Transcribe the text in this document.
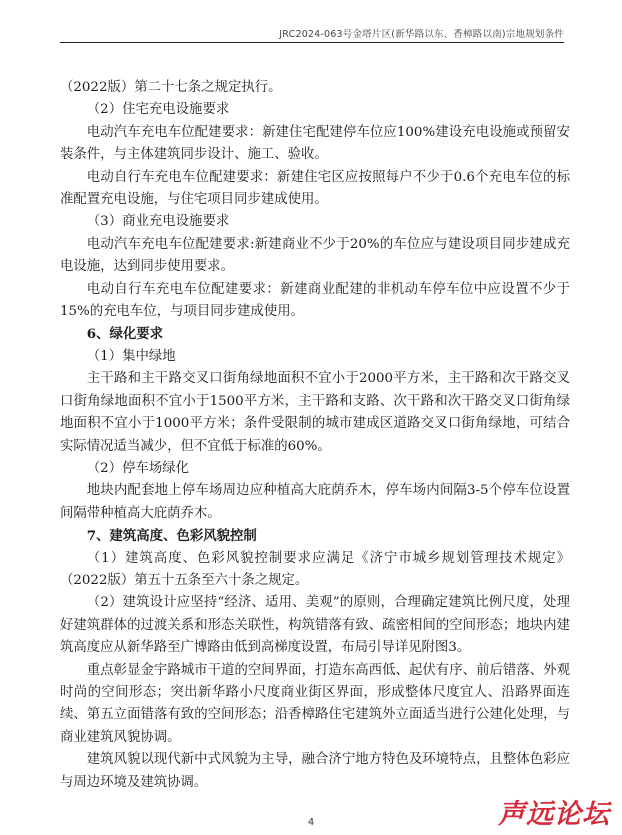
JRC2024-063号金塔片区(新华路以东、香樟路以南)宗地规划条件

（2022版）第二十七条之规定执行。

（2）住宅充电设施要求

电动汽车充电车位配建要求：新建住宅配建停车位应100%建设充电设施或预留安装条件，与主体建筑同步设计、施工、验收。

电动自行车充电车位配建要求：新建住宅区应按照每户不少于0.6个充电车位的标准配置充电设施，与住宅项目同步建成使用。

（3）商业充电设施要求

电动汽车充电车位配建要求:新建商业不少于20%的车位应与建设项目同步建成充电设施，达到同步使用要求。

电动自行车充电车位配建要求：新建商业配建的非机动车停车位中应设置不少于15%的充电车位，与项目同步建成使用。

6、绿化要求

（1）集中绿地

主干路和主干路交叉口街角绿地面积不宜小于2000平方米，主干路和次干路交叉口街角绿地面积不宜小于1500平方米，主干路和支路、次干路和次干路交叉口街角绿地面积不宜小于1000平方米；条件受限制的城市建成区道路交叉口街角绿地，可结合实际情况适当减少，但不宜低于标准的60%。

（2）停车场绿化

地块内配套地上停车场周边应种植高大庇荫乔木，停车场内间隔3-5个停车位设置间隔带种植高大庇荫乔木。

7、建筑高度、色彩风貌控制

（1）建筑高度、色彩风貌控制要求应满足《济宁市城乡规划管理技术规定》（2022版）第五十五条至六十条之规定。

（2）建筑设计应坚持“经济、适用、美观”的原则，合理确定建筑比例尺度，处理好建筑群体的过渡关系和形态关联性，构筑错落有致、疏密相间的空间形态；地块内建筑高度应从新华路至广博路由低到高梯度设置，布局引导详见附图3。

重点彰显金宇路城市干道的空间界面，打造东高西低、起伏有序、前后错落、外观时尚的空间形态；突出新华路小尺度商业街区界面，形成整体尺度宜人、沿路界面连续、第五立面错落有致的空间形态；沿香樟路住宅建筑外立面适当进行公建化处理，与商业建筑风貌协调。

建筑风貌以现代新中式风貌为主导，融合济宁地方特色及环境特点，且整体色彩应与周边环境及建筑协调。

4	声远论坛
